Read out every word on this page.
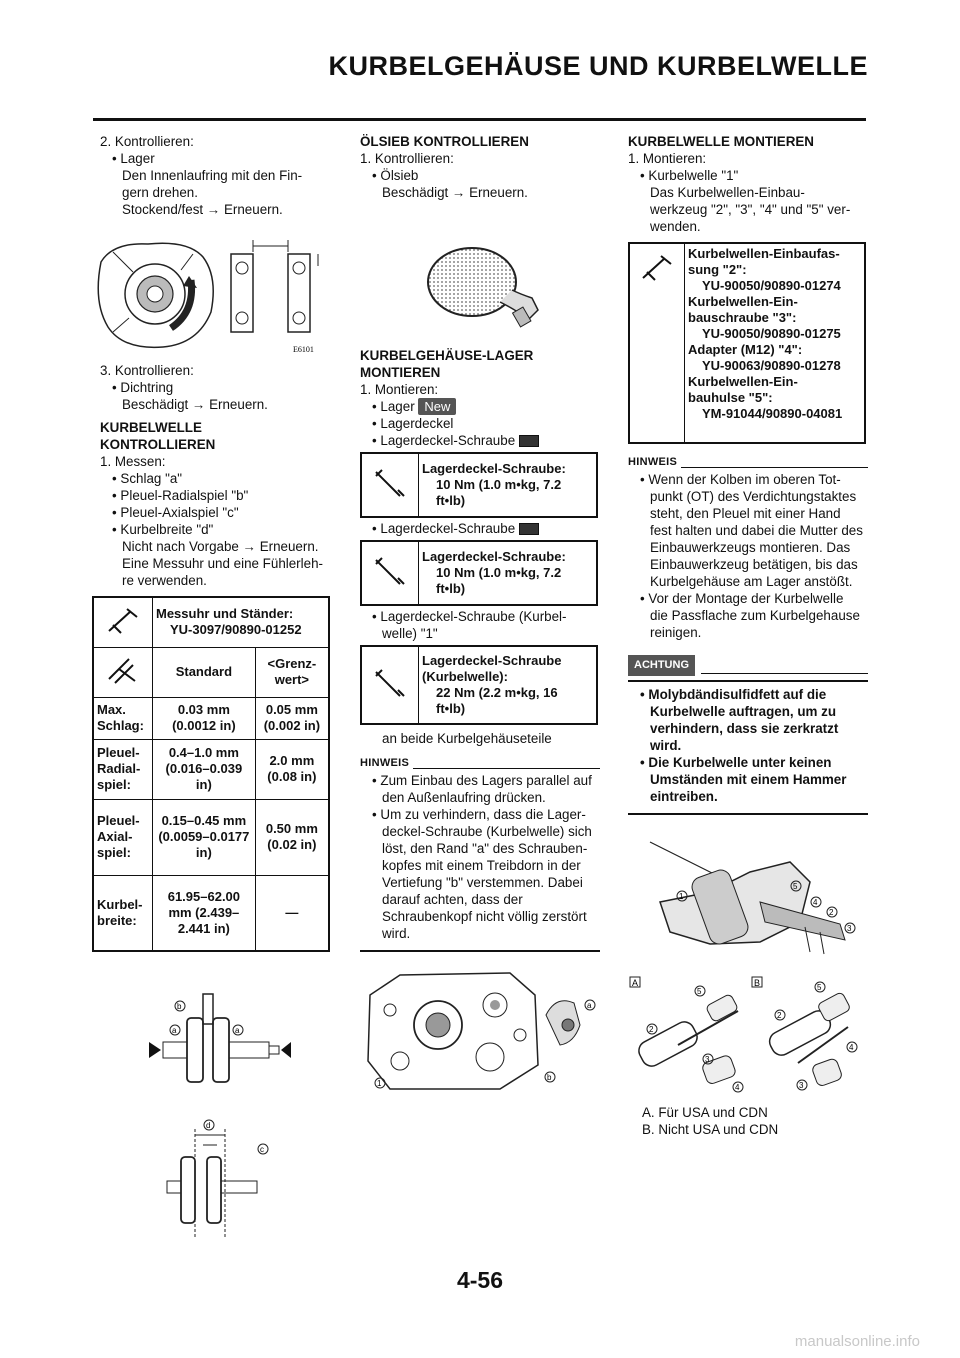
KURBELGEHÄUSE UND KURBELWELLE

2. Kontrollieren:

• Lager

Den Innenlaufring mit den Fin-

gern drehen.

Stockend/fest → Erneuern.

E6101

3. Kontrollieren:

• Dichtring

Beschädigt → Erneuern.

KURBELWELLE

KONTROLLIEREN

1. Messen:

• Schlag "a"

• Pleuel-Radialspiel "b"

• Pleuel-Axialspiel "c"

• Kurbelbreite "d"

Nicht nach Vorgabe → Erneuern.

Eine Messuhr und eine Fühlerleh-

re verwenden.

Messuhr und Ständer:
YU-3097/90890-01252	

	Standard	<Grenz-wert>
Max. Schlag:	0.03 mm (0.0012 in)	0.05 mm (0.002 in)
Pleuel-Radial-spiel:	0.4–1.0 mm (0.016–0.039 in)	2.0 mm (0.08 in)
Pleuel-Axial-spiel:	0.15–0.45 mm (0.0059–0.0177 in)	0.50 mm (0.02 in)
Kurbel-breite:	61.95–62.00 mm (2.439–2.441 in)	—
b
a	a
d
c

ÖLSIEB KONTROLLIEREN

1. Kontrollieren:

• Ölsieb

Beschädigt → Erneuern.

KURBELGEHÄUSE-LAGER

MONTIEREN

1. Montieren:

• Lager New

• Lagerdeckel

• Lagerdeckel-Schraube

Lagerdeckel-Schraube:
10 Nm (1.0 m•kg, 7.2
ft•lb)

• Lagerdeckel-Schraube

Lagerdeckel-Schraube:
10 Nm (1.0 m•kg, 7.2
ft•lb)

• Lagerdeckel-Schraube (Kurbel-

welle) "1"

Lagerdeckel-Schraube
(Kurbelwelle):
22 Nm (2.2 m•kg, 16
ft•lb)

an beide Kurbelgehäuseteile

HINWEIS

• Zum Einbau des Lagers parallel auf

den Außenlaufring drücken.

• Um zu verhindern, dass die Lager-

deckel-Schraube (Kurbelwelle) sich

löst, den Rand "a" des Schrauben-

kopfes mit einem Treibdorn in der

Vertiefung "b" verstemmen. Dabei

darauf achten, dass der

Schraubenkopf nicht völlig zerstört

wird.

1
a
b

KURBELWELLE MONTIEREN

1. Montieren:

• Kurbelwelle "1"

Das Kurbelwellen-Einbau-

werkzeug "2", "3", "4" und "5" ver-

wenden.

Kurbelwellen-Einbaufas-
sung "2":
YU-90050/90890-01274
Kurbelwellen-Ein-
bauschraube "3":
YU-90050/90890-01275
Adapter (M12) "4":
YU-90063/90890-01278
Kurbelwellen-Ein-
bauhulse "5":
YM-91044/90890-04081
HINWEIS

• Wenn der Kolben im oberen Tot-

punkt (OT) des Verdichtungstaktes

steht, den Pleuel mit einer Hand

fest halten und dabei die Mutter des

Einbauwerkzeugs montieren. Das

Einbauwerkzeug betätigen, bis das

Kurbelgehäuse am Lager anstößt.

• Vor der Montage der Kurbelwelle

die Passflache zum Kurbelgehause

reinigen.

ACHTUNG

• Molybdändisulfidfett auf die

Kurbelwelle auftragen, um zu

verhindern, dass sie zerkratzt

wird.

• Die Kurbelwelle unter keinen

Umständen mit einem Hammer

eintreiben.

1
5
4
2
3
A	B
5
2
3
4
5
2
4
3

A. Für USA und CDN

B. Nicht USA und CDN

4-56
manualsonline.info
